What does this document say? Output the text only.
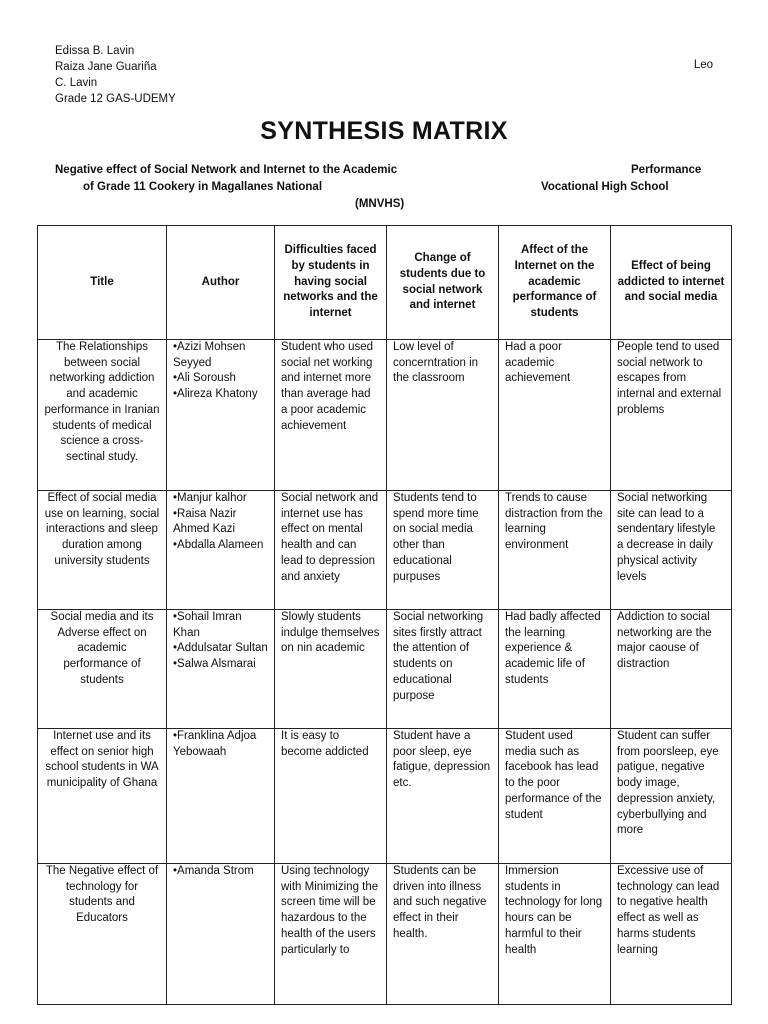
Edissa B. Lavin
Raiza Jane Guariña
C. Lavin
Grade 12 GAS-UDEMY
Leo
SYNTHESIS MATRIX
Negative effect of Social Network and Internet to the Academic	Performance
of Grade 11 Cookery in Magallanes National	Vocational High School
(MNVHS)
Title	Author	Difficulties faced by students in having social networks and the internet	Change of students due to social network and internet	Affect of the Internet on the academic performance of students	Effect of being addicted to internet and social media

The Relationships between social networking addiction and academic performance in Iranian students of medical science a cross-sectinal study.	•Azizi Mohsen Seyyed
•Ali Soroush
•Alireza Khatony	Student who used social net working and internet more than average had a poor academic achievement	Low level of concerntration in the classroom	Had a poor academic achievement	People tend to used social network to escapes from internal and external problems

Effect of social media use on learning, social interactions and sleep duration among university students	•Manjur kalhor
•Raisa Nazir Ahmed Kazi
•Abdalla Alameen	Social network and internet use has effect on mental health and can lead to depression and anxiety	Students tend to spend more time on social media other than educational purpuses	Trends to cause distraction from the learning environment	Social networking site can lead to a sendentary lifestyle a decrease in daily physical activity levels

Social media and its Adverse effect on academic performance of students	•Sohail Imran Khan
•Addulsatar Sultan
•Salwa Alsmarai	Slowly students indulge themselves on nin academic	Social networking sites firstly attract the attention of students on educational purpose	Had badly affected the learning experience & academic life of students	Addiction to social networking are the major caouse of distraction

Internet use and its effect on senior high school students in WA municipality of Ghana	•Franklina Adjoa Yebowaah	It is easy to become addicted	Student have a poor sleep, eye fatigue, depression etc.	Student used media such as facebook has lead to the poor performance of the student	Student can suffer from poorsleep, eye patigue, negative body image, depression anxiety, cyberbullying and more

The Negative effect of technology for students and Educators	•Amanda Strom	Using technology with Minimizing the screen time will be hazardous to the health of the users particularly to	Students can be driven into illness and such negative effect in their health.	Immersion students in technology for long hours can be harmful to their health	Excessive use of technology can lead to negative health effect as well as harms students learning
